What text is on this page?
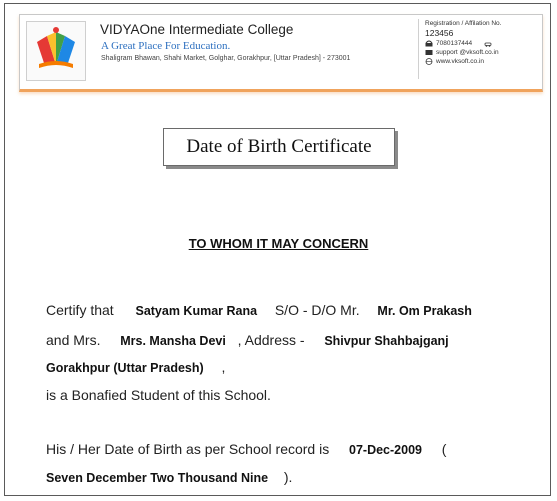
VIDYAOne Intermediate College
A Great Place For Education.
Shaligram Bhawan, Shahi Market, Golghar, Gorakhpur, [Uttar Pradesh] - 273001
Registration / Affilation No.
123456
7080137444
support @vksoft.co.in
www.vksoft.co.in
Date of Birth Certificate
TO WHOM IT MAY CONCERN
Certify that Satyam Kumar Rana S/O - D/O Mr. Mr. Om Prakash
and Mrs. Mrs. Mansha Devi , Address - Shivpur Shahbajganj
Gorakhpur (Uttar Pradesh) ,
is a Bonafied Student of this School.
His / Her Date of Birth as per School record is 07-Dec-2009 (
Seven December Two Thousand Nine ).
